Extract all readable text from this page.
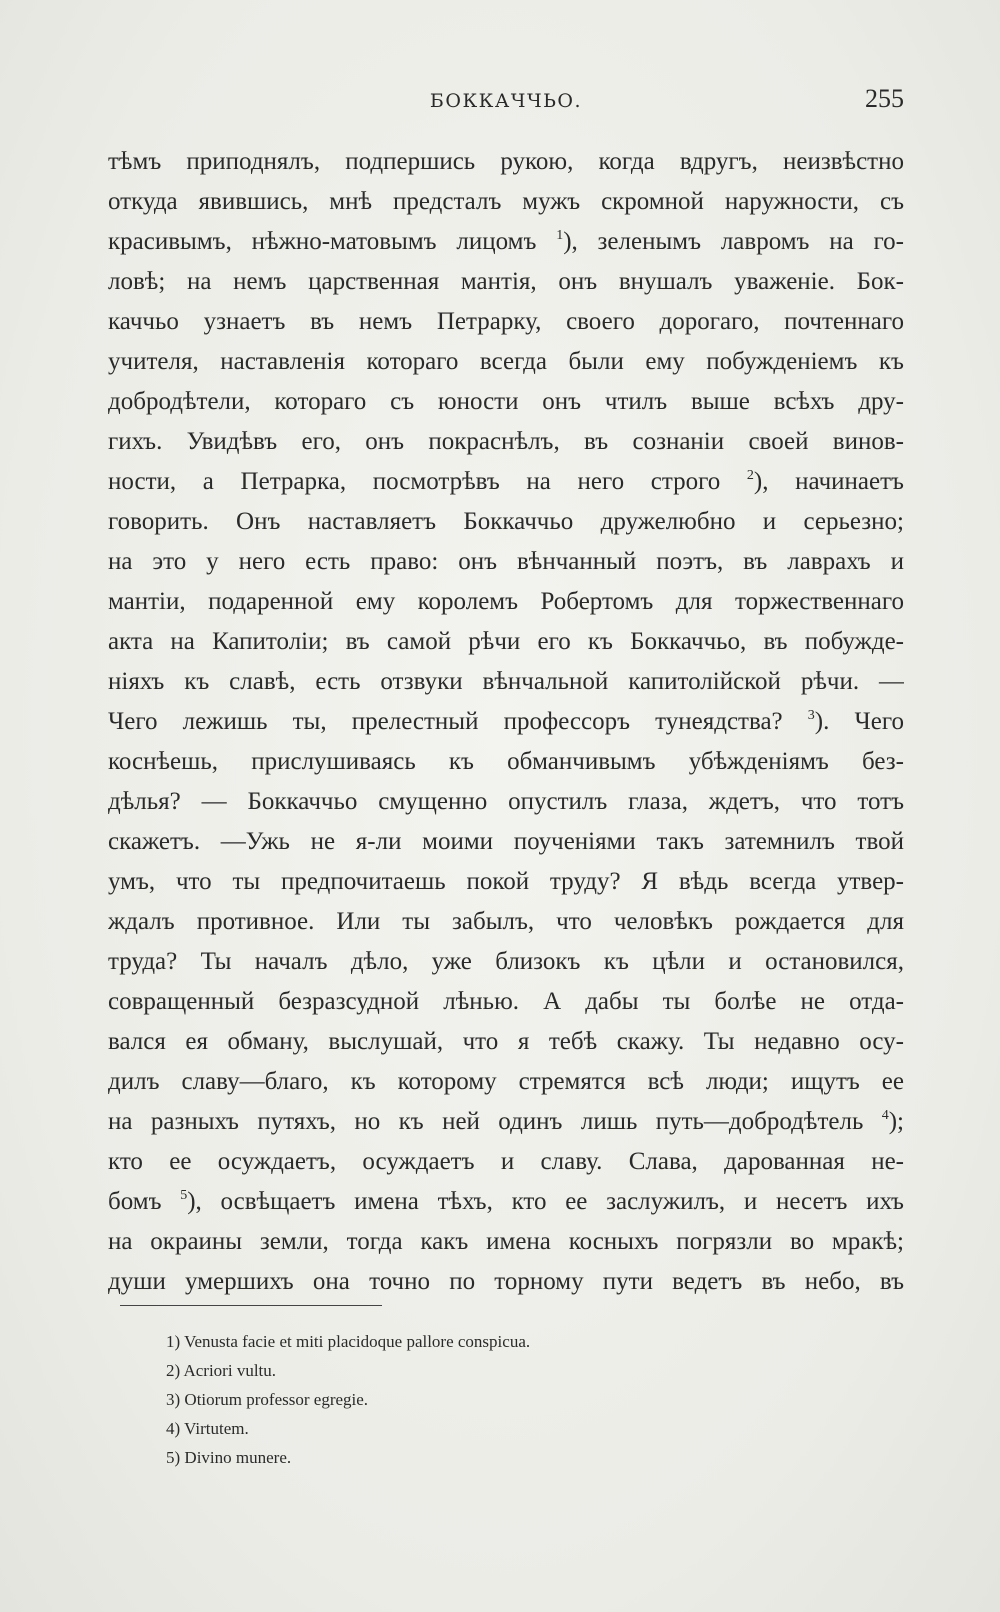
БОККАЧЧЬО.	255
тѣмъ приподнялъ, подпершись рукою, когда вдругъ, неизвѣстно
откуда явившись, мнѣ предсталъ мужъ скромной наружности, съ
красивымъ, нѣжно-матовымъ лицомъ $^1$), зеленымъ лавромъ на го-
ловѣ; на немъ царственная мантія, онъ внушалъ уваженіе. Бок-
каччьо узнаетъ въ немъ Петрарку, своего дорогаго, почтеннаго
учителя, наставленія котораго всегда были ему побужденіемъ къ
добродѣтели, котораго съ юности онъ чтилъ выше всѣхъ дру-
гихъ. Увидѣвъ его, онъ покраснѣлъ, въ сознаніи своей винов-
ности, а Петрарка, посмотрѣвъ на него строго $^2$), начинаетъ
говорить. Онъ наставляетъ Боккаччьо дружелюбно и серьезно;
на это у него есть право: онъ вѣнчанный поэтъ, въ лаврахъ и
мантіи, подаренной ему королемъ Робертомъ для торжественнаго
акта на Капитоліи; въ самой рѣчи его къ Боккаччьо, въ побужде-
ніяхъ къ славѣ, есть отзвуки вѣнчальной капитолійской рѣчи. —
Чего лежишь ты, прелестный профессоръ тунеядства? $^3$). Чего
коснѣешь, прислушиваясь къ обманчивымъ убѣжденіямъ без-
дѣлья? — Боккаччьо смущенно опустилъ глаза, ждетъ, что тотъ
скажетъ. —Ужь не я-ли моими поученіями такъ затемнилъ твой
умъ, что ты предпочитаешь покой труду? Я вѣдь всегда утвер-
ждалъ противное. Или ты забылъ, что человѣкъ рождается для
труда? Ты началъ дѣло, уже близокъ къ цѣли и остановился,
совращенный безразсудной лѣнью. А дабы ты болѣе не отда-
вался ея обману, выслушай, что я тебѣ скажу. Ты недавно осу-
дилъ славу—благо, къ которому стремятся всѣ люди; ищутъ ее
на разныхъ путяхъ, но къ ней одинъ лишь путь—добродѣтель $^4$);
кто ее осуждаетъ, осуждаетъ и славу. Слава, дарованная не-
бомъ $^5$), освѣщаетъ имена тѣхъ, кто ее заслужилъ, и несетъ ихъ
на окраины земли, тогда какъ имена косныхъ погрязли во мракѣ;
души умершихъ она точно по торному пути ведетъ въ небо, въ
1) Venusta facie et miti placidoque pallore conspicua.
2) Acriori vultu.
3) Otiorum professor egregie.
4) Virtutem.
5) Divino munere.
